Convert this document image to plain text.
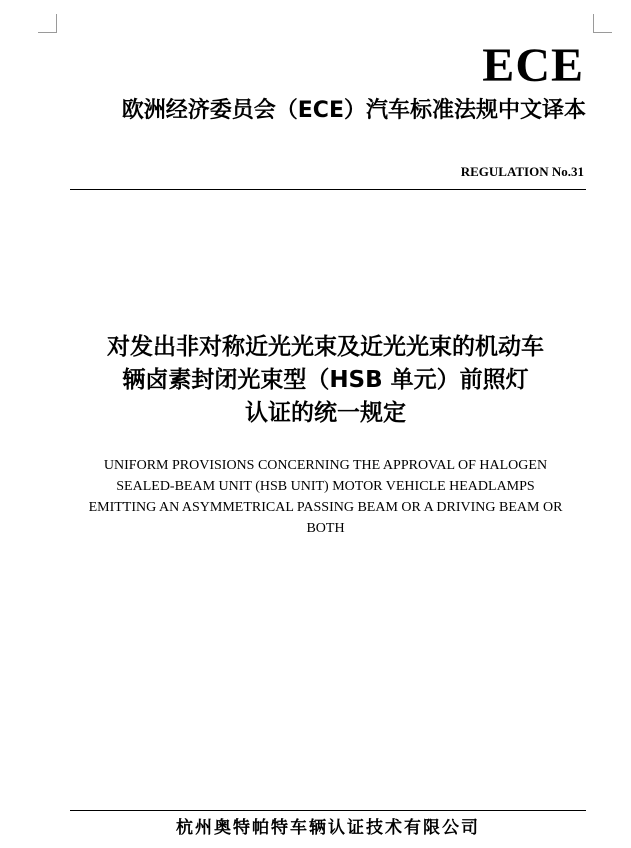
ECE
欧洲经济委员会（ECE）汽车标准法规中文译本
REGULATION No.31
对发出非对称近光光束及近光光束的机动车
辆卤素封闭光束型（HSB 单元）前照灯
认证的统一规定
UNIFORM PROVISIONS CONCERNING THE APPROVAL OF HALOGEN
SEALED-BEAM UNIT (HSB UNIT) MOTOR VEHICLE HEADLAMPS
EMITTING AN ASYMMETRICAL PASSING BEAM OR A DRIVING BEAM OR
BOTH
杭州奥特帕特车辆认证技术有限公司
